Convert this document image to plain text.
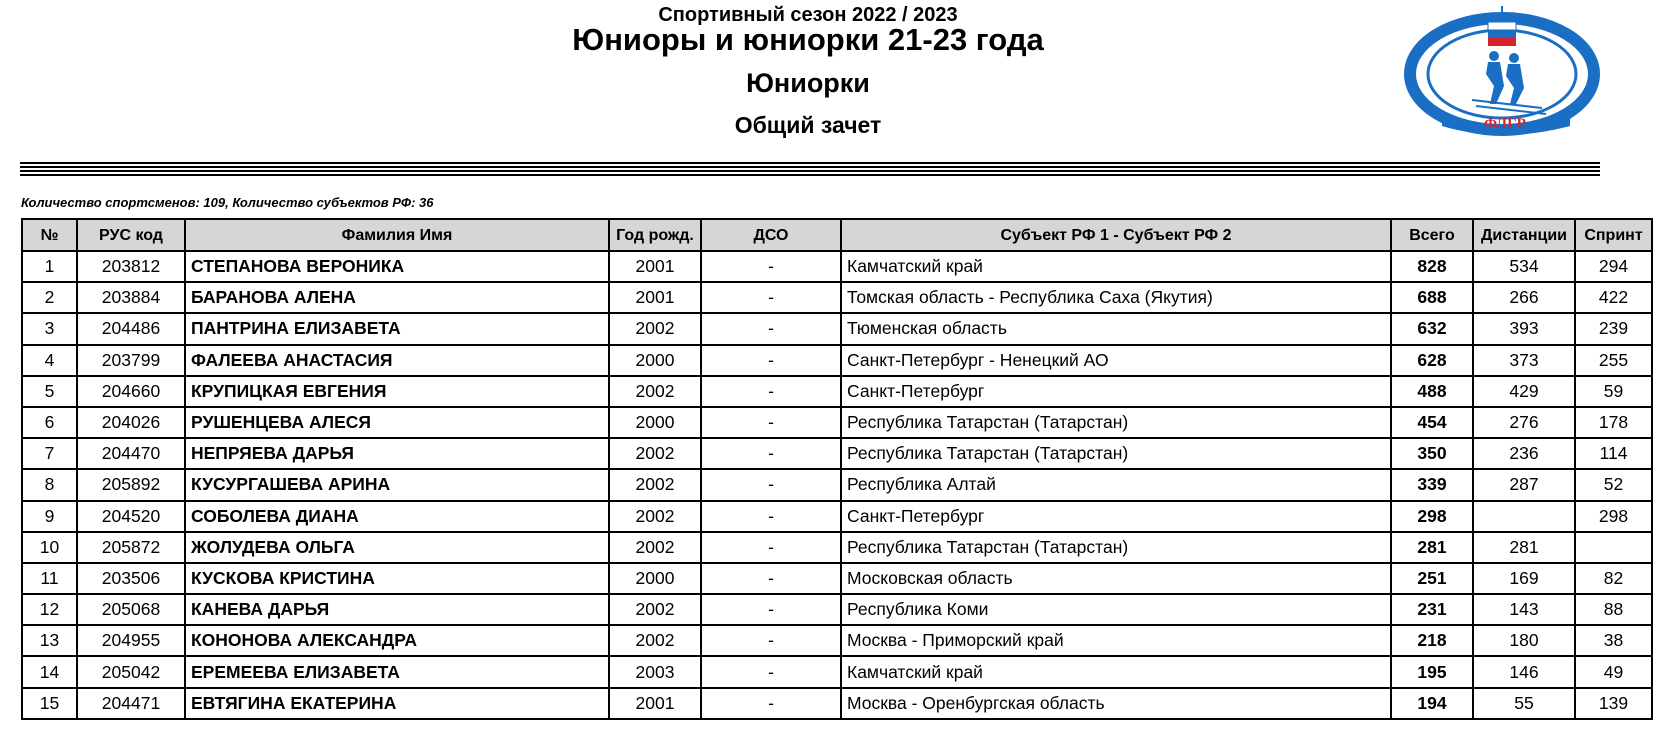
Спортивный сезон 2022 / 2023
Юниоры и юниорки 21-23 года
Юниорки
Общий зачет	ФЛГР
Количество спортсменов: 109, Количество субъектов РФ: 36
№	РУС код	Фамилия Имя	Год рожд.	ДСО	Субъект РФ 1 - Субъект РФ 2	Всего	Дистанции	Спринт
1	203812	СТЕПАНОВА ВЕРОНИКА	2001	-	Камчатский край	828	534	294
2	203884	БАРАНОВА АЛЕНА	2001	-	Томская область - Республика Саха (Якутия)	688	266	422
3	204486	ПАНТРИНА ЕЛИЗАВЕТА	2002	-	Тюменская область	632	393	239
4	203799	ФАЛЕЕВА АНАСТАСИЯ	2000	-	Санкт-Петербург - Ненецкий АО	628	373	255
5	204660	КРУПИЦКАЯ ЕВГЕНИЯ	2002	-	Санкт-Петербург	488	429	59
6	204026	РУШЕНЦЕВА АЛЕСЯ	2000	-	Республика Татарстан (Татарстан)	454	276	178
7	204470	НЕПРЯЕВА ДАРЬЯ	2002	-	Республика Татарстан (Татарстан)	350	236	114
8	205892	КУСУРГАШЕВА АРИНА	2002	-	Республика Алтай	339	287	52
9	204520	СОБОЛЕВА ДИАНА	2002	-	Санкт-Петербург	298		298
10	205872	ЖОЛУДЕВА ОЛЬГА	2002	-	Республика Татарстан (Татарстан)	281	281	
11	203506	КУСКОВА КРИСТИНА	2000	-	Московская область	251	169	82
12	205068	КАНЕВА ДАРЬЯ	2002	-	Республика Коми	231	143	88
13	204955	КОНОНОВА АЛЕКСАНДРА	2002	-	Москва - Приморский край	218	180	38
14	205042	ЕРЕМЕЕВА ЕЛИЗАВЕТА	2003	-	Камчатский край	195	146	49
15	204471	ЕВТЯГИНА ЕКАТЕРИНА	2001	-	Москва - Оренбургская область	194	55	139
